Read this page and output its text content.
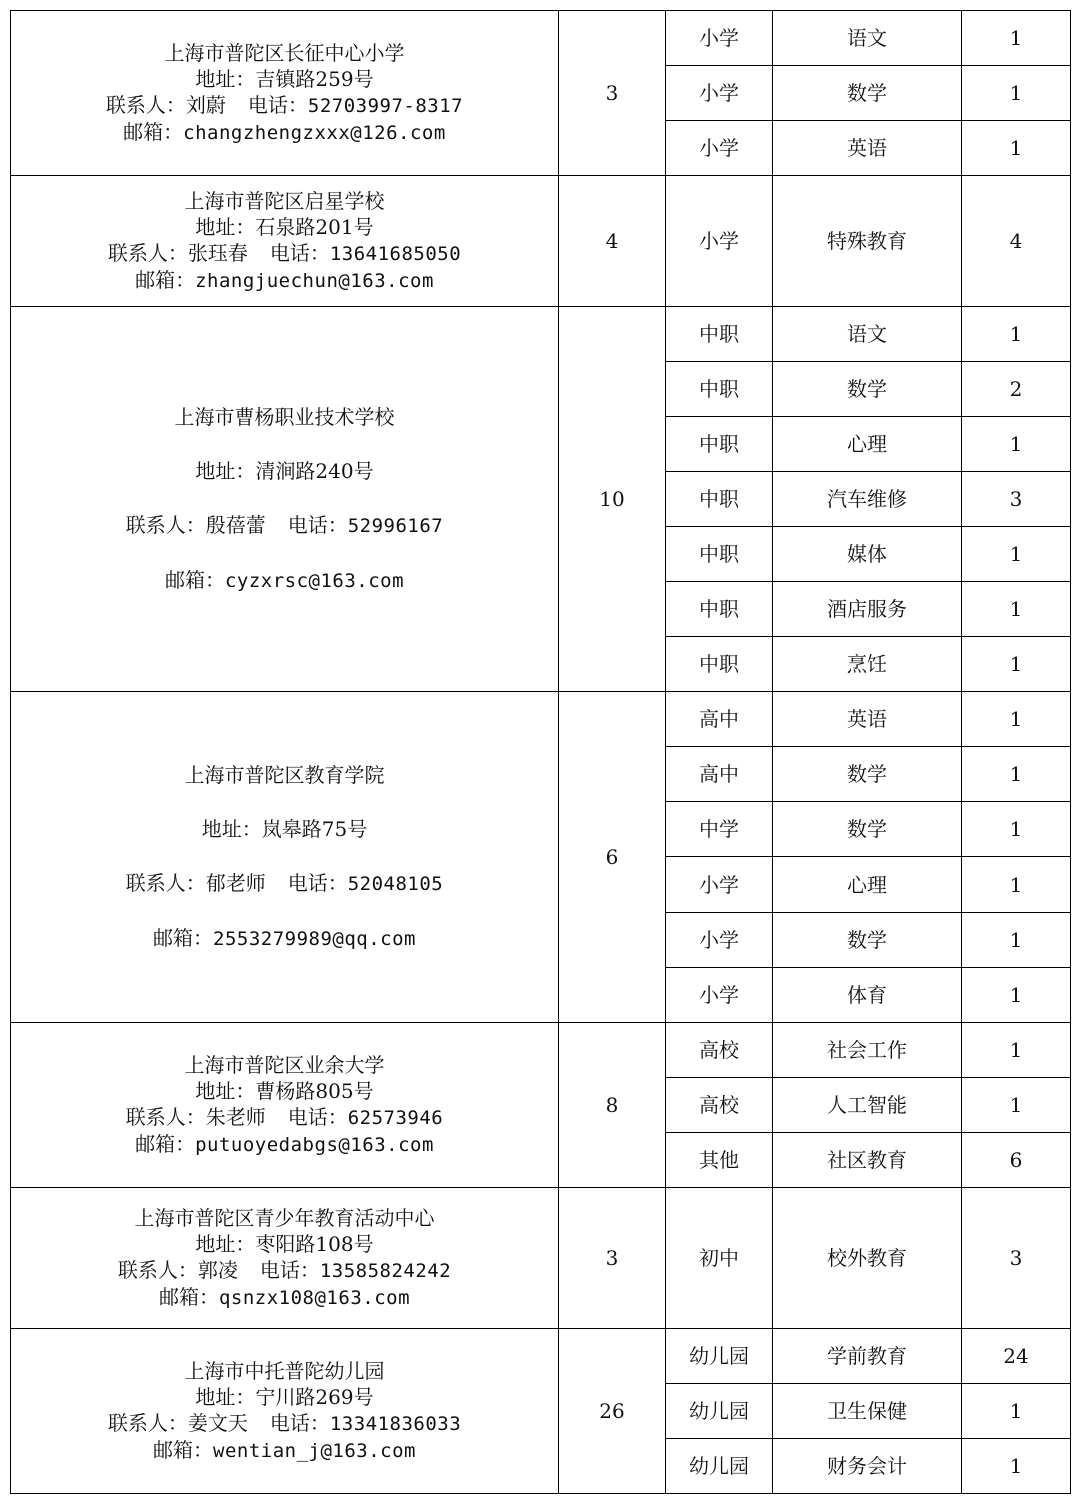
上海市普陀区长征中心小学
地址：吉镇路259号
联系人：刘蔚 电话：52703997-8317
邮箱：changzhengzxxx@126.com	3	小学	语文	1
		小学	数学	1
		小学	英语	1

上海市普陀区启星学校
地址：石泉路201号
联系人：张珏春 电话：13641685050
邮箱：zhangjuechun@163.com	4	小学	特殊教育	4

上海市曹杨职业技术学校
地址：清涧路240号
联系人：殷蓓蕾 电话：52996167
邮箱：cyzxrsc@163.com	10	中职	语文	1
		中职	数学	2
		中职	心理	1
		中职	汽车维修	3
		中职	媒体	1
		中职	酒店服务	1
		中职	烹饪	1

上海市普陀区教育学院
地址：岚皋路75号
联系人：郁老师 电话：52048105
邮箱：2553279989@qq.com	6	高中	英语	1
		高中	数学	1
		中学	数学	1
		小学	心理	1
		小学	数学	1
		小学	体育	1

上海市普陀区业余大学
地址：曹杨路805号
联系人：朱老师 电话：62573946
邮箱：putuoyedabgs@163.com	8	高校	社会工作	1
		高校	人工智能	1
		其他	社区教育	6

上海市普陀区青少年教育活动中心
地址：枣阳路108号
联系人：郭凌 电话：13585824242
邮箱：qsnzx108@163.com	3	初中	校外教育	3

上海市中托普陀幼儿园
地址：宁川路269号
联系人：姜文天 电话：13341836033
邮箱：wentian_j@163.com	26	幼儿园	学前教育	24
		幼儿园	卫生保健	1
		幼儿园	财务会计	1
